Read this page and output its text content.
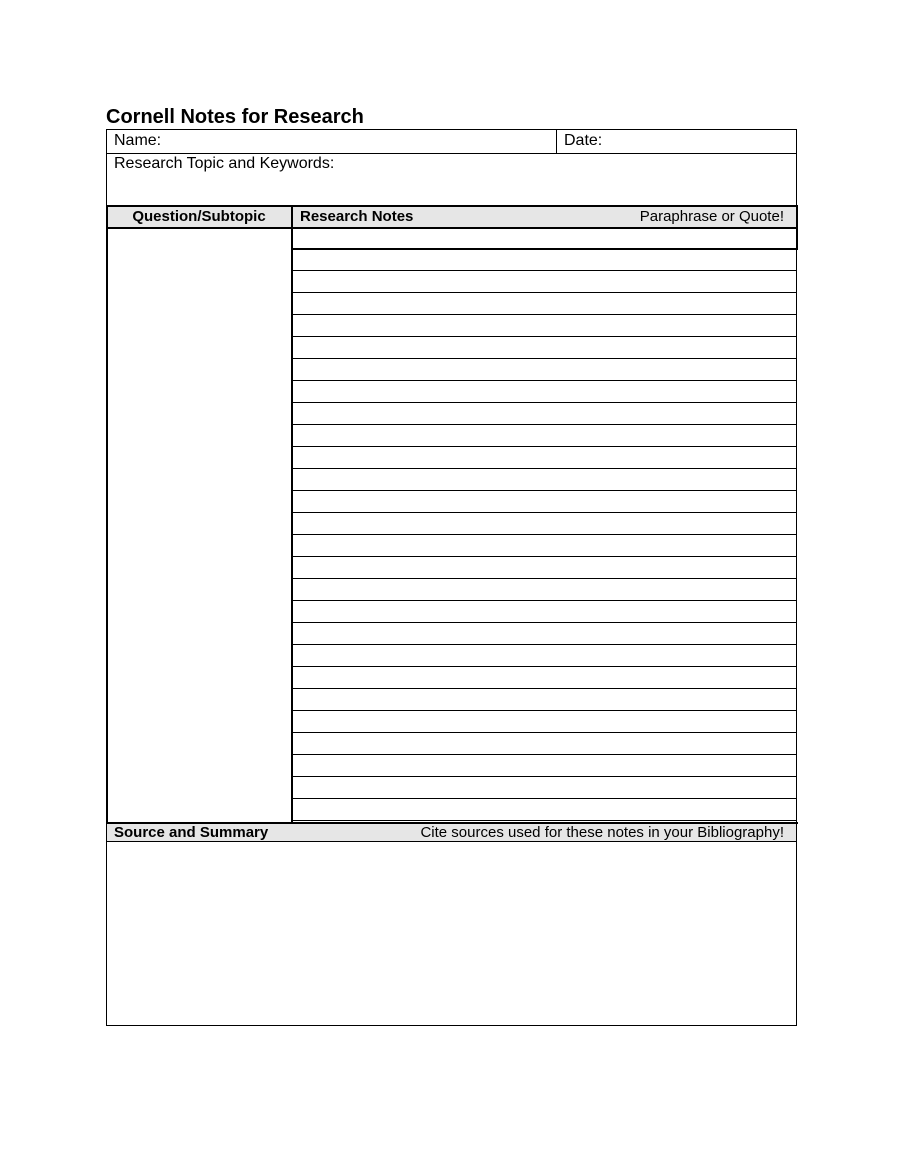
Cornell Notes for Research
Name:	Date:
Research Topic and Keywords:
Question/Subtopic	Research Notes	Paraphrase or Quote!
Source and Summary	Cite sources used for these notes in your Bibliography!
